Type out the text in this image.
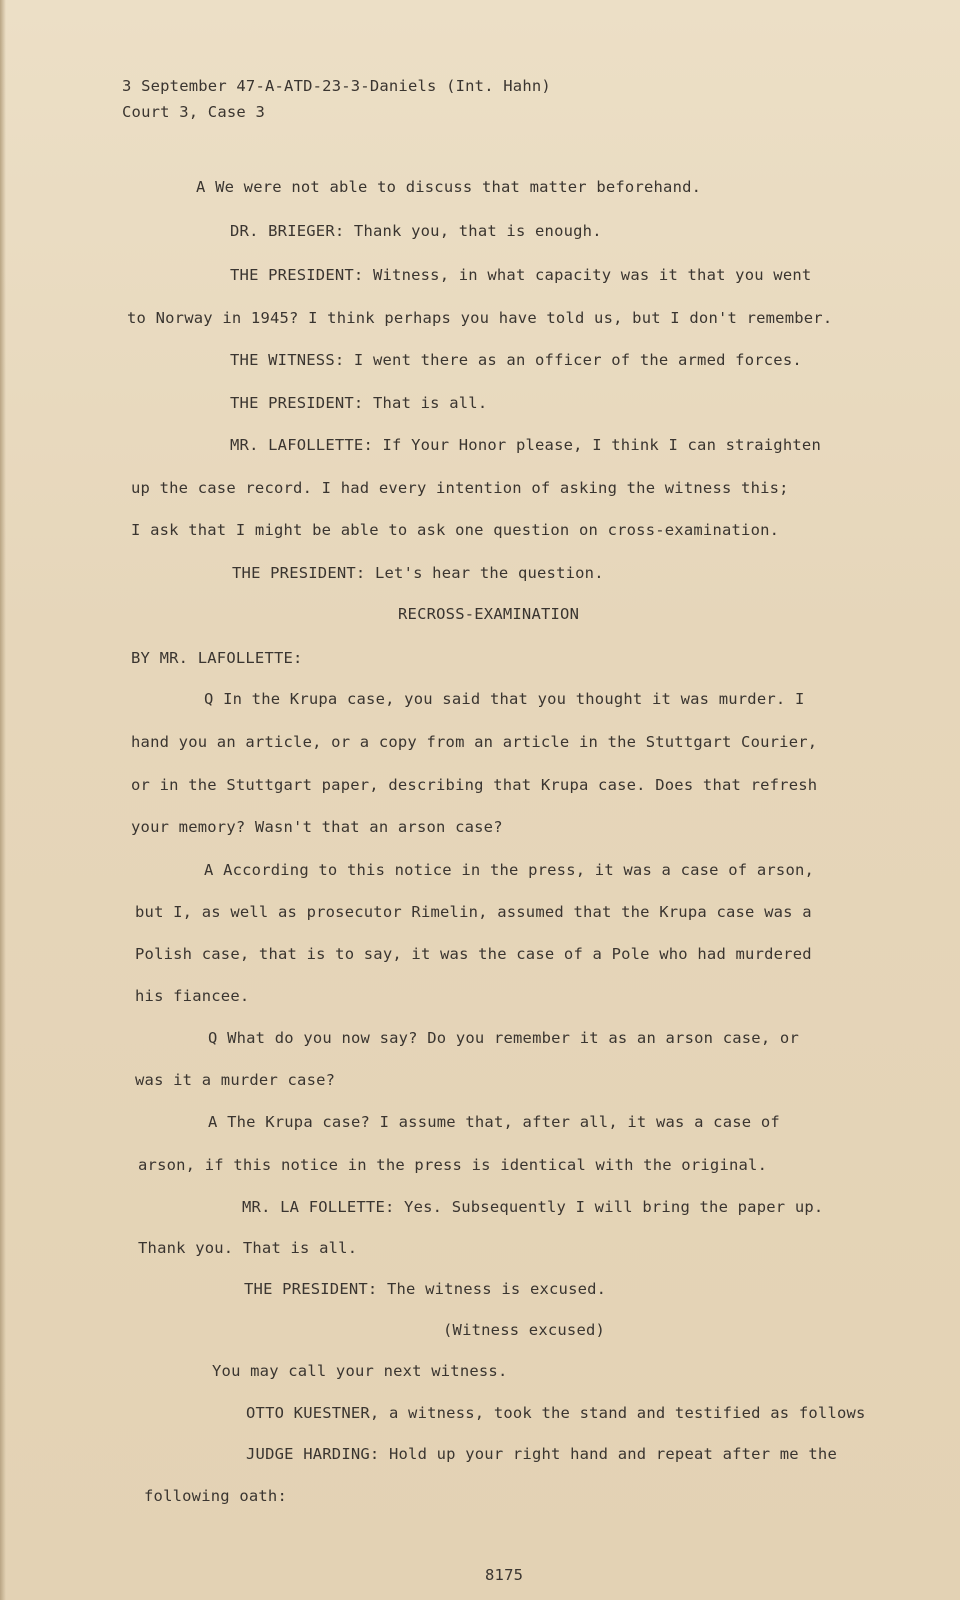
3 September 47-A-ATD-23-3-Daniels (Int. Hahn)
Court 3, Case 3
A We were not able to discuss that matter beforehand.
DR. BRIEGER: Thank you, that is enough.
THE PRESIDENT: Witness, in what capacity was it that you went
to Norway in 1945? I think perhaps you have told us, but I don't remember.
THE WITNESS: I went there as an officer of the armed forces.
THE PRESIDENT: That is all.
MR. LAFOLLETTE: If Your Honor please, I think I can straighten
up the case record. I had every intention of asking the witness this;
I ask that I might be able to ask one question on cross-examination.
THE PRESIDENT: Let's hear the question.
RECROSS-EXAMINATION
BY MR. LAFOLLETTE:
Q In the Krupa case, you said that you thought it was murder. I
hand you an article, or a copy from an article in the Stuttgart Courier,
or in the Stuttgart paper, describing that Krupa case. Does that refresh
your memory? Wasn't that an arson case?
A According to this notice in the press, it was a case of arson,
but I, as well as prosecutor Rimelin, assumed that the Krupa case was a
Polish case, that is to say, it was the case of a Pole who had murdered
his fiancee.
Q What do you now say? Do you remember it as an arson case, or
was it a murder case?
A The Krupa case? I assume that, after all, it was a case of
arson, if this notice in the press is identical with the original.
MR. LA FOLLETTE: Yes. Subsequently I will bring the paper up.
Thank you. That is all.
THE PRESIDENT: The witness is excused.
(Witness excused)
You may call your next witness.
OTTO KUESTNER, a witness, took the stand and testified as follows
JUDGE HARDING: Hold up your right hand and repeat after me the
following oath:
8175
